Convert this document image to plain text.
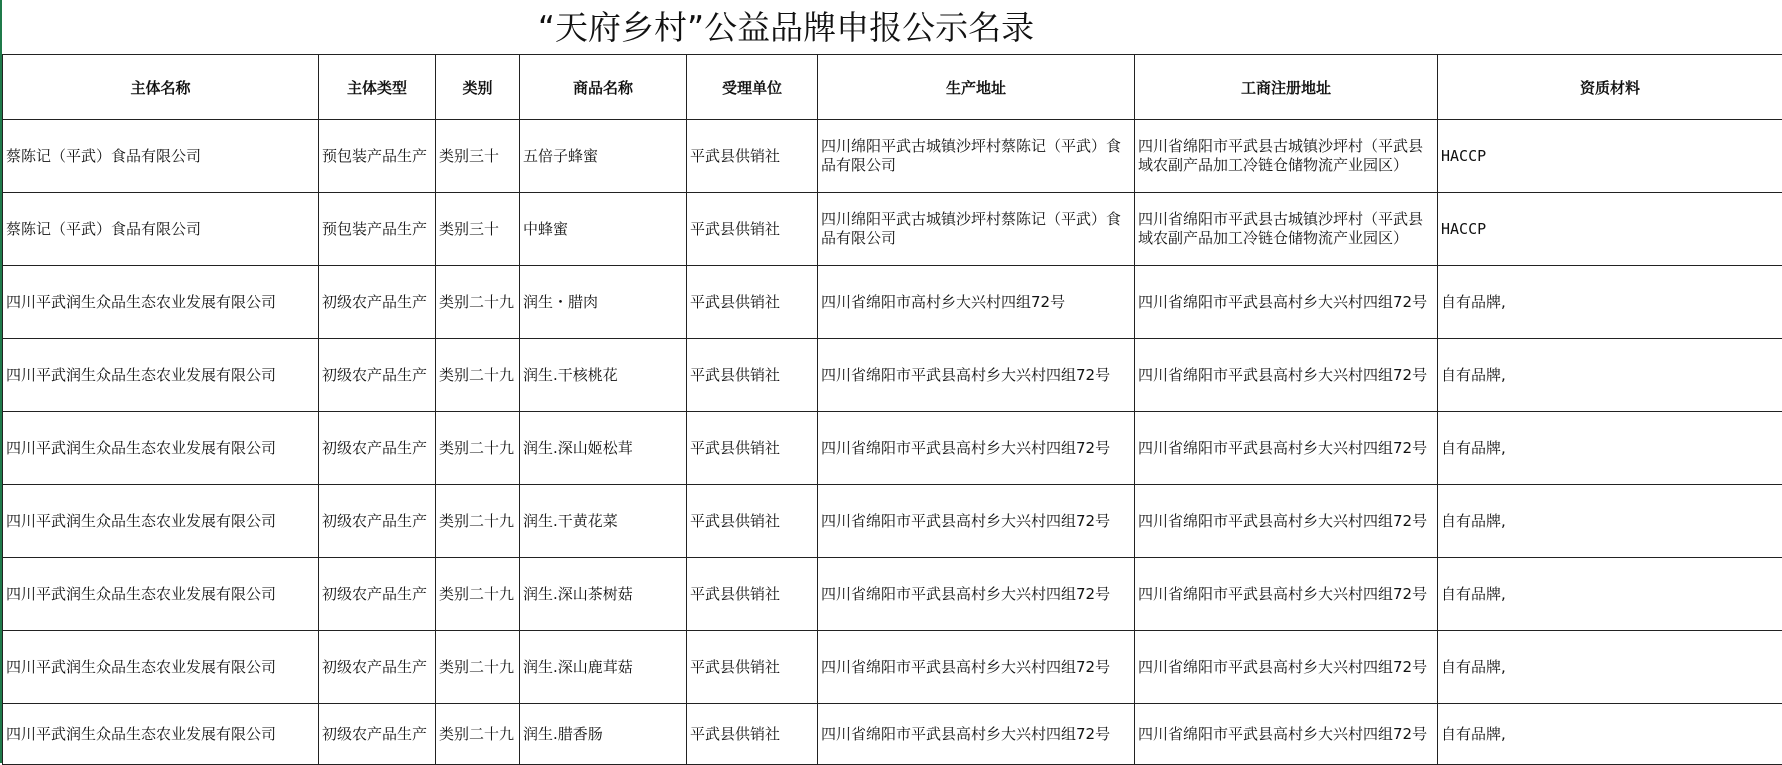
“天府乡村”公益品牌申报公示名录
主体名称	主体类型	类别	商品名称	受理单位	生产地址	工商注册地址	资质材料
蔡陈记（平武）食品有限公司	预包装产品生产	类别三十	五倍子蜂蜜	平武县供销社	四川绵阳平武古城镇沙坪村蔡陈记（平武）食品有限公司	四川省绵阳市平武县古城镇沙坪村（平武县域农副产品加工冷链仓储物流产业园区）	HACCP
蔡陈记（平武）食品有限公司	预包装产品生产	类别三十	中蜂蜜	平武县供销社	四川绵阳平武古城镇沙坪村蔡陈记（平武）食品有限公司	四川省绵阳市平武县古城镇沙坪村（平武县域农副产品加工冷链仓储物流产业园区）	HACCP
四川平武润生众品生态农业发展有限公司	初级农产品生产	类别二十九	润生・腊肉	平武县供销社	四川省绵阳市高村乡大兴村四组72号	四川省绵阳市平武县高村乡大兴村四组72号	自有品牌,
四川平武润生众品生态农业发展有限公司	初级农产品生产	类别二十九	润生.干核桃花	平武县供销社	四川省绵阳市平武县高村乡大兴村四组72号	四川省绵阳市平武县高村乡大兴村四组72号	自有品牌,
四川平武润生众品生态农业发展有限公司	初级农产品生产	类别二十九	润生.深山姬松茸	平武县供销社	四川省绵阳市平武县高村乡大兴村四组72号	四川省绵阳市平武县高村乡大兴村四组72号	自有品牌,
四川平武润生众品生态农业发展有限公司	初级农产品生产	类别二十九	润生.干黄花菜	平武县供销社	四川省绵阳市平武县高村乡大兴村四组72号	四川省绵阳市平武县高村乡大兴村四组72号	自有品牌,
四川平武润生众品生态农业发展有限公司	初级农产品生产	类别二十九	润生.深山茶树菇	平武县供销社	四川省绵阳市平武县高村乡大兴村四组72号	四川省绵阳市平武县高村乡大兴村四组72号	自有品牌,
四川平武润生众品生态农业发展有限公司	初级农产品生产	类别二十九	润生.深山鹿茸菇	平武县供销社	四川省绵阳市平武县高村乡大兴村四组72号	四川省绵阳市平武县高村乡大兴村四组72号	自有品牌,
四川平武润生众品生态农业发展有限公司	初级农产品生产	类别二十九	润生.腊香肠	平武县供销社	四川省绵阳市平武县高村乡大兴村四组72号	四川省绵阳市平武县高村乡大兴村四组72号	自有品牌,
